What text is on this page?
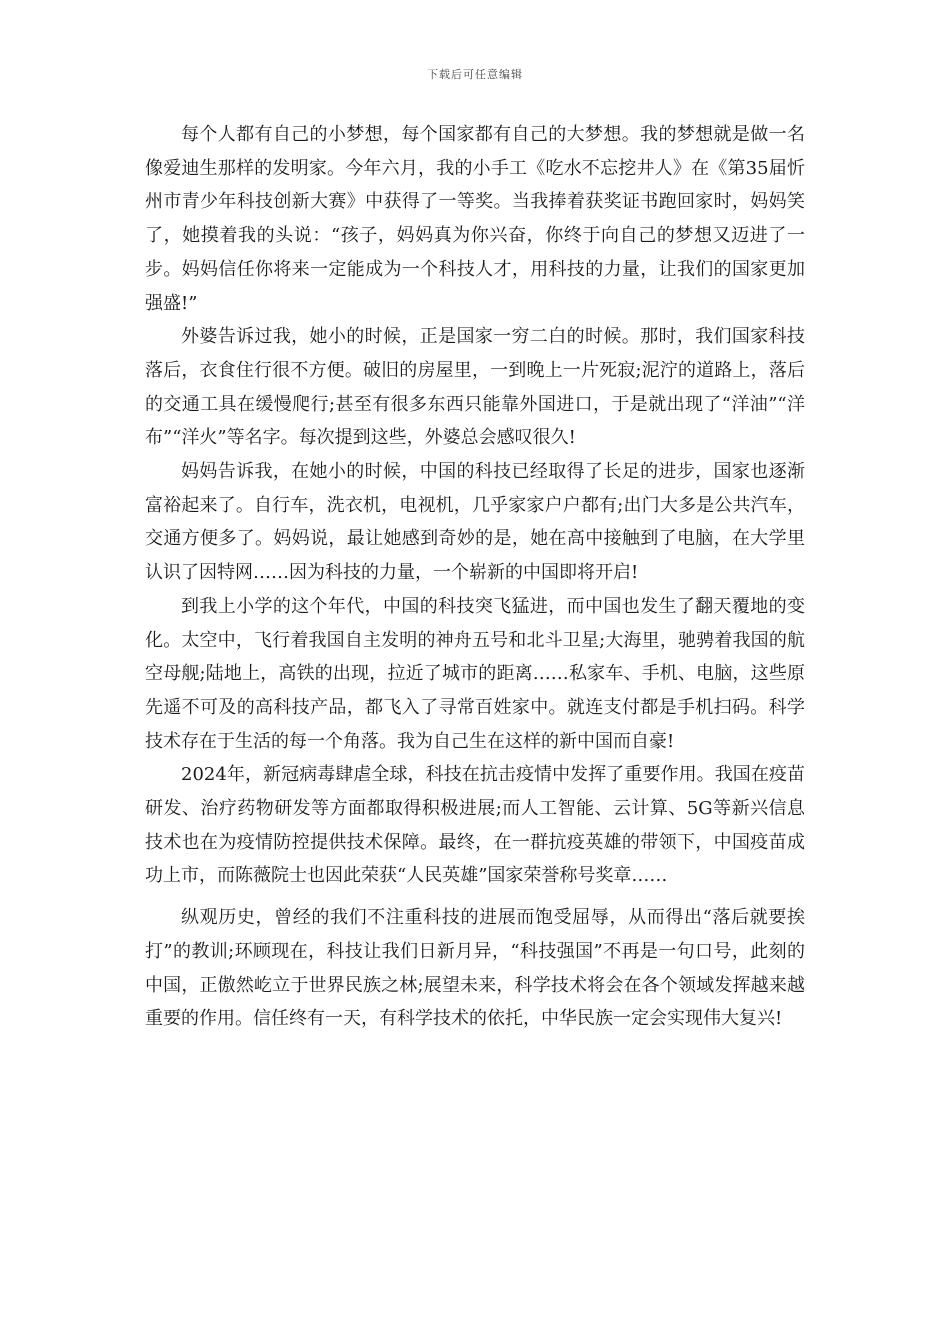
下载后可任意编辑

每个人都有自己的小梦想，每个国家都有自己的大梦想。我的梦想就是做一名像爱迪生那样的发明家。今年六月，我的小手工《吃水不忘挖井人》在《第35届忻州市青少年科技创新大赛》中获得了一等奖。当我捧着获奖证书跑回家时，妈妈笑了，她摸着我的头说：“孩子，妈妈真为你兴奋，你终于向自己的梦想又迈进了一步。妈妈信任你将来一定能成为一个科技人才，用科技的力量，让我们的国家更加强盛!”

外婆告诉过我，她小的时候，正是国家一穷二白的时候。那时，我们国家科技落后，衣食住行很不方便。破旧的房屋里，一到晚上一片死寂;泥泞的道路上，落后的交通工具在缓慢爬行;甚至有很多东西只能靠外国进口，于是就出现了“洋油”“洋布”“洋火”等名字。每次提到这些，外婆总会感叹很久!

妈妈告诉我，在她小的时候，中国的科技已经取得了长足的进步，国家也逐渐富裕起来了。自行车，洗衣机，电视机，几乎家家户户都有;出门大多是公共汽车，交通方便多了。妈妈说，最让她感到奇妙的是，她在高中接触到了电脑，在大学里认识了因特网……因为科技的力量，一个崭新的中国即将开启!

到我上小学的这个年代，中国的科技突飞猛进，而中国也发生了翻天覆地的变化。太空中，飞行着我国自主发明的神舟五号和北斗卫星;大海里，驰骋着我国的航空母舰;陆地上，高铁的出现，拉近了城市的距离……私家车、手机、电脑，这些原先遥不可及的高科技产品，都飞入了寻常百姓家中。就连支付都是手机扫码。科学技术存在于生活的每一个角落。我为自己生在这样的新中国而自豪!

2024年，新冠病毒肆虐全球，科技在抗击疫情中发挥了重要作用。我国在疫苗研发、治疗药物研发等方面都取得积极进展;而人工智能、云计算、5G等新兴信息技术也在为疫情防控提供技术保障。最终，在一群抗疫英雄的带领下，中国疫苗成功上市，而陈薇院士也因此荣获“人民英雄”国家荣誉称号奖章……

纵观历史，曾经的我们不注重科技的进展而饱受屈辱，从而得出“落后就要挨打”的教训;环顾现在，科技让我们日新月异，“科技强国”不再是一句口号，此刻的中国，正傲然屹立于世界民族之林;展望未来，科学技术将会在各个领域发挥越来越重要的作用。信任终有一天，有科学技术的依托，中华民族一定会实现伟大复兴!
